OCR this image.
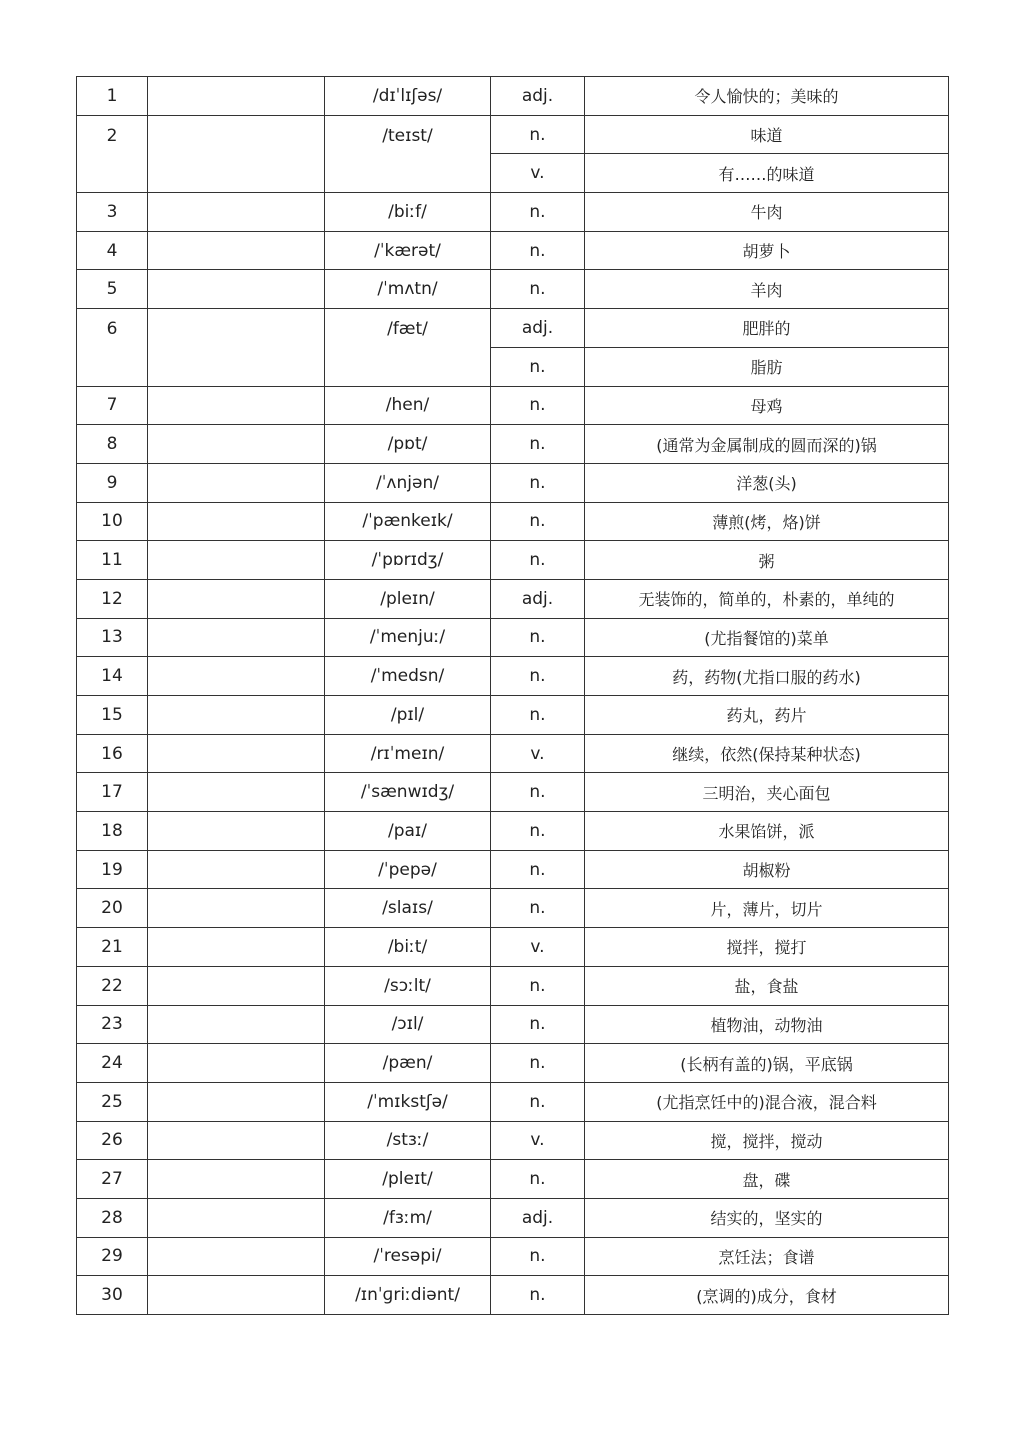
1		/dɪˈlɪʃəs/	adj.	令人愉快的；美味的
2		/teɪst/	n.	味道
			v.	有……的味道
3		/biːf/	n.	牛肉
4		/ˈkærət/	n.	胡萝卜
5		/ˈmʌtn/	n.	羊肉
6		/fæt/	adj.	肥胖的
			n.	脂肪
7		/hen/	n.	母鸡
8		/pɒt/	n.	(通常为金属制成的圆而深的)锅
9		/ˈʌnjən/	n.	洋葱(头)
10		/ˈpænkeɪk/	n.	薄煎(烤，烙)饼
11		/ˈpɒrɪdʒ/	n.	粥
12		/pleɪn/	adj.	无装饰的，简单的，朴素的，单纯的
13		/ˈmenjuː/	n.	(尤指餐馆的)菜单
14		/ˈmedsn/	n.	药，药物(尤指口服的药水)
15		/pɪl/	n.	药丸，药片
16		/rɪˈmeɪn/	v.	继续，依然(保持某种状态)
17		/ˈsænwɪdʒ/	n.	三明治，夹心面包
18		/paɪ/	n.	水果馅饼，派
19		/ˈpepə/	n.	胡椒粉
20		/slaɪs/	n.	片，薄片，切片
21		/biːt/	v.	搅拌，搅打
22		/sɔːlt/	n.	盐，食盐
23		/ɔɪl/	n.	植物油，动物油
24		/pæn/	n.	(长柄有盖的)锅，平底锅
25		/ˈmɪkstʃə/	n.	(尤指烹饪中的)混合液，混合料
26		/stɜː/	v.	搅，搅拌，搅动
27		/pleɪt/	n.	盘，碟
28		/fɜːm/	adj.	结实的，坚实的
29		/ˈresəpi/	n.	烹饪法；食谱
30		/ɪnˈɡriːdiənt/	n.	(烹调的)成分，食材
